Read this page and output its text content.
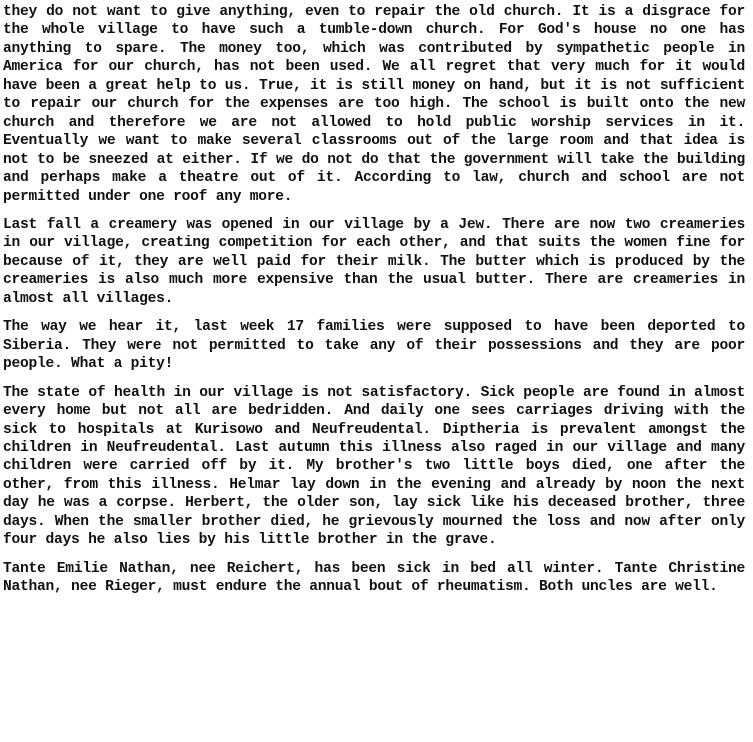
they do not want to give anything, even to repair the old church. It is a disgrace for the whole village to have such a tumble-down church. For God's house no one has anything to spare. The money too, which was contributed by sympathetic people in America for our church, has not been used. We all regret that very much for it would have been a great help to us. True, it is still money on hand, but it is not sufficient to repair our church for the expenses are too high. The school is built onto the new church and therefore we are not allowed to hold public worship services in it. Eventually we want to make several classrooms out of the large room and that idea is not to be sneezed at either. If we do not do that the government will take the building and perhaps make a theatre out of it. According to law, church and school are not permitted under one roof any more.

Last fall a creamery was opened in our village by a Jew. There are now two creameries in our village, creating competition for each other, and that suits the women fine for because of it, they are well paid for their milk. The butter which is produced by the creameries is also much more expensive than the usual butter. There are creameries in almost all villages.

The way we hear it, last week 17 families were supposed to have been deported to Siberia. They were not permitted to take any of their possessions and they are poor people. What a pity!

The state of health in our village is not satisfactory. Sick people are found in almost every home but not all are bedridden. And daily one sees carriages driving with the sick to hospitals at Kurisowo and Neufreudental. Diptheria is prevalent amongst the children in Neufreudental. Last autumn this illness also raged in our village and many children were carried off by it. My brother's two little boys died, one after the other, from this illness. Helmar lay down in the evening and already by noon the next day he was a corpse. Herbert, the older son, lay sick like his deceased brother, three days. When the smaller brother died, he grievously mourned the loss and now after only four days he also lies by his little brother in the grave.

Tante Emilie Nathan, nee Reichert, has been sick in bed all winter. Tante Christine Nathan, nee Rieger, must endure the annual bout of rheumatism. Both uncles are well.
